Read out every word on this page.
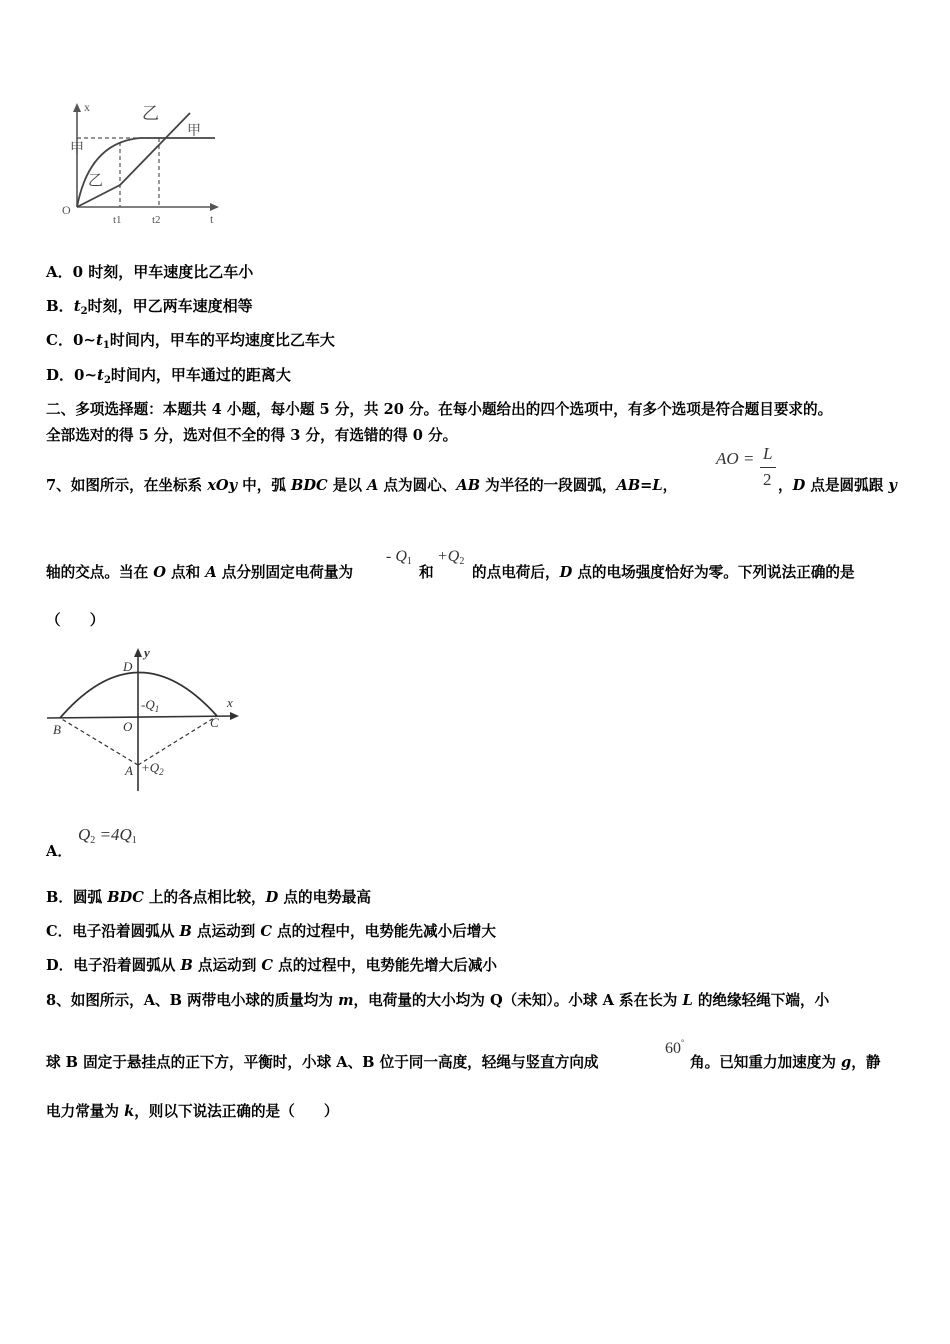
x
t
O
t1	t2
甲
甲
乙
乙
A．0 时刻，甲车速度比乙车小
B．$t_2$时刻，甲乙两车速度相等
C．$0\sim t_1$时间内，甲车的平均速度比乙车大
D．$0\sim t_2$时间内，甲车通过的距离大
二、多项选择题：本题共 4 小题，每小题 5 分，共 20 分。在每小题给出的四个选项中，有多个选项是符合题目要求的。
全部选对的得 5 分，选对但不全的得 3 分，有选错的得 0 分。
7、如图所示，在坐标系 xOy 中，弧 BDC 是以 A 点为圆心、AB 为半径的一段圆弧，AB=L，
AO = L
2 ，D 点是圆弧跟 y
轴的交点。当在 O 点和 A 点分别固定电荷量为
- $Q_1$
和
$+Q_2$
的点电荷后，D 点的电场强度恰好为零。下列说法正确的是
（　　）
y
x
D
B	C
O
A
$-Q_1$
$+Q_2$
A．
$Q_2 =4Q_1$
B．圆弧 BDC 上的各点相比较，D 点的电势最高
C．电子沿着圆弧从 B 点运动到 C 点的过程中，电势能先减小后增大
D．电子沿着圆弧从 B 点运动到 C 点的过程中，电势能先增大后减小
8、如图所示，A、B 两带电小球的质量均为 m，电荷量的大小均为 Q（未知）。小球 A 系在长为 L 的绝缘轻绳下端，小
球 B 固定于悬挂点的正下方，平衡时，小球 A、B 位于同一高度，轻绳与竖直方向成
60°
角。已知重力加速度为 g，静
电力常量为 k，则以下说法正确的是（　　）
